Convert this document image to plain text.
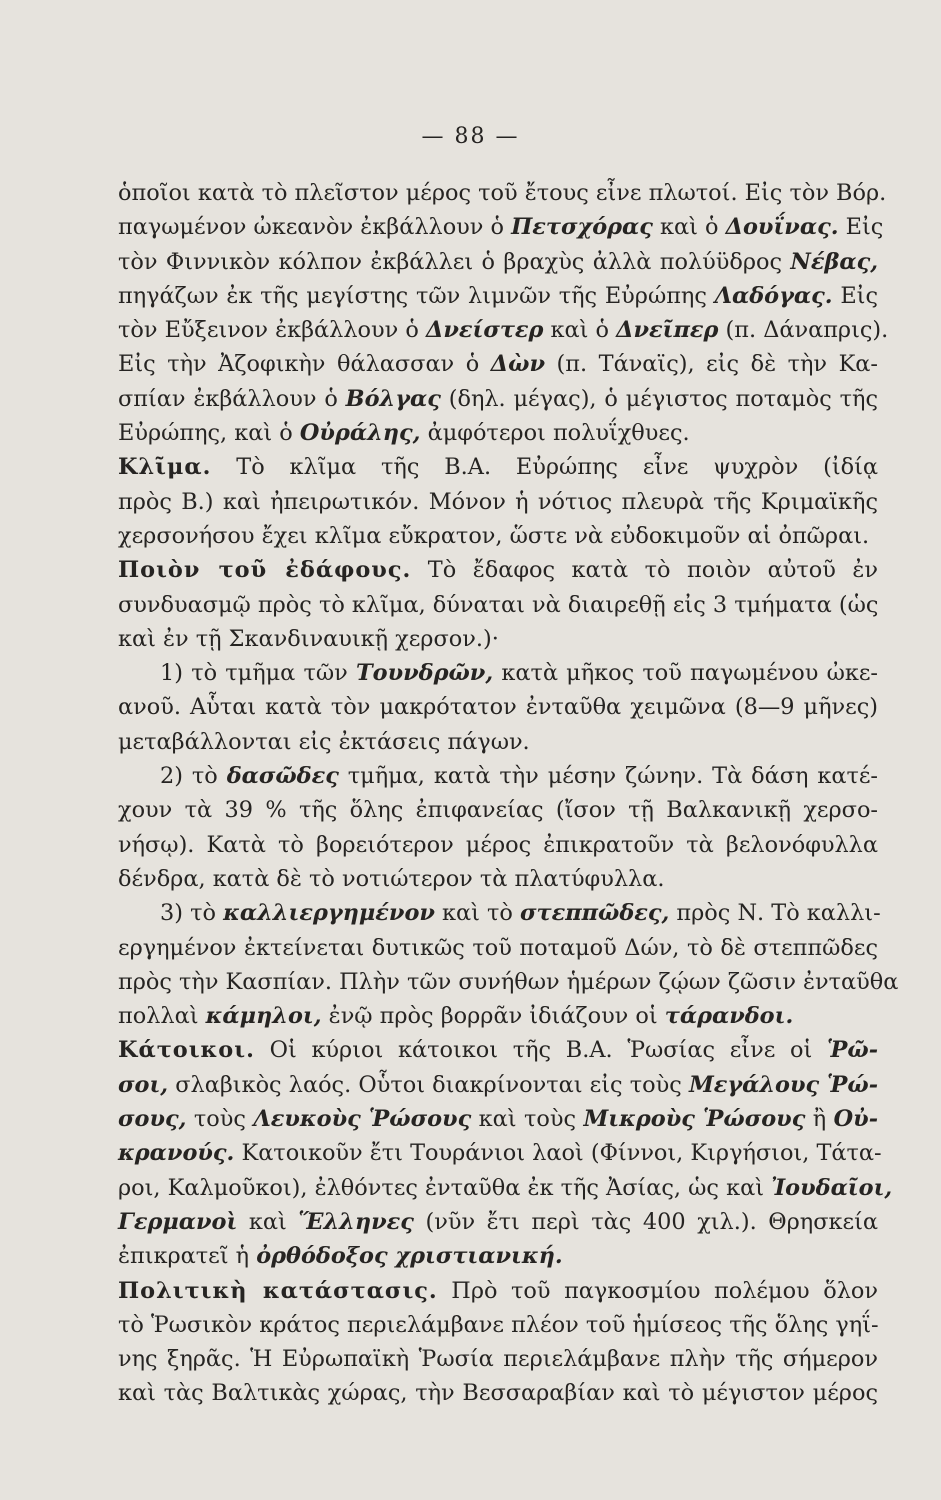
— 88 —
ὁποῖοι κατὰ τὸ πλεῖστον μέρος τοῦ ἔτους εἶνε πλωτοί. Εἰς τὸν Βόρ.
παγωμένον ὠκεανὸν ἐκβάλλουν ὁ Πετσχόρας καὶ ὁ Δουΐνας. Εἰς
τὸν Φιννικὸν κόλπον ἐκβάλλει ὁ βραχὺς ἀλλὰ πολύϋδρος Νέβας,
πηγάζων ἐκ τῆς μεγίστης τῶν λιμνῶν τῆς Εὐρώπης Λαδόγας. Εἰς
τὸν Εὔξεινον ἐκβάλλουν ὁ Δνείστερ καὶ ὁ Δνεῖπερ (π. Δάναπρις).
Εἰς τὴν Ἀζοφικὴν θάλασσαν ὁ Δὼν (π. Τάναϊς), εἰς δὲ τὴν Κα-
σπίαν ἐκβάλλουν ὁ Βόλγας (δηλ. μέγας), ὁ μέγιστος ποταμὸς τῆς
Εὐρώπης, καὶ ὁ Οὐράλης, ἀμφότεροι πολυΐχθυες.
Κλῖμα. Τὸ κλῖμα τῆς Β.Α. Εὐρώπης εἶνε ψυχρὸν (ἰδίᾳ
πρὸς Β.) καὶ ἠπειρωτικόν. Μόνον ἡ νότιος πλευρὰ τῆς Κριμαϊκῆς
χερσονήσου ἔχει κλῖμα εὔκρατον, ὥστε νὰ εὐδοκιμοῦν αἱ ὀπῶραι.
Ποιὸν τοῦ ἐδάφους. Τὸ ἔδαφος κατὰ τὸ ποιὸν αὐτοῦ ἐν
συνδυασμῷ πρὸς τὸ κλῖμα, δύναται νὰ διαιρεθῇ εἰς 3 τμήματα (ὡς
καὶ ἐν τῇ Σκανδιναυικῇ χερσον.)·
1) τὸ τμῆμα τῶν Τουνδρῶν, κατὰ μῆκος τοῦ παγωμένου ὠκε-
ανοῦ. Αὗται κατὰ τὸν μακρότατον ἐνταῦθα χειμῶνα (8—9 μῆνες)
μεταβάλλονται εἰς ἐκτάσεις πάγων.
2) τὸ δασῶδες τμῆμα, κατὰ τὴν μέσην ζώνην. Τὰ δάση κατέ-
χουν τὰ 39 % τῆς ὅλης ἐπιφανείας (ἴσον τῇ Βαλκανικῇ χερσο-
νήσῳ). Κατὰ τὸ βορειότερον μέρος ἐπικρατοῦν τὰ βελονόφυλλα
δένδρα, κατὰ δὲ τὸ νοτιώτερον τὰ πλατύφυλλα.
3) τὸ καλλιεργημένον καὶ τὸ στεππῶδες, πρὸς Ν. Τὸ καλλι-
εργημένον ἐκτείνεται δυτικῶς τοῦ ποταμοῦ Δών, τὸ δὲ στεππῶδες
πρὸς τὴν Κασπίαν. Πλὴν τῶν συνήθων ἡμέρων ζῴων ζῶσιν ἐνταῦθα
πολλαὶ κάμηλοι, ἐνῷ πρὸς βορρᾶν ἰδιάζουν οἱ τάρανδοι.
Κάτοικοι. Οἱ κύριοι κάτοικοι τῆς Β.Α. Ῥωσίας εἶνε οἱ Ῥῶ-
σοι, σλαβικὸς λαός. Οὗτοι διακρίνονται εἰς τοὺς Μεγάλους Ῥώ-
σους, τοὺς Λευκοὺς Ῥώσους καὶ τοὺς Μικροὺς Ῥώσους ἢ Οὐ-
κρανούς. Κατοικοῦν ἔτι Τουράνιοι λαοὶ (Φίννοι, Κιργήσιοι, Τάτα-
ροι, Καλμοῦκοι), ἐλθόντες ἐνταῦθα ἐκ τῆς Ἀσίας, ὡς καὶ Ἰουδαῖοι,
Γερμανοὶ καὶ Ἕλληνες (νῦν ἔτι περὶ τὰς 400 χιλ.). Θρησκεία
ἐπικρατεῖ ἡ ὀρθόδοξος χριστιανική.
Πολιτικὴ κατάστασις. Πρὸ τοῦ παγκοσμίου πολέμου ὅλον
τὸ Ῥωσικὸν κράτος περιελάμβανε πλέον τοῦ ἡμίσεος τῆς ὅλης γηΐ-
νης ξηρᾶς. Ἡ Εὐρωπαϊκὴ Ῥωσία περιελάμβανε πλὴν τῆς σήμερον
καὶ τὰς Βαλτικὰς χώρας, τὴν Βεσσαραβίαν καὶ τὸ μέγιστον μέρος
